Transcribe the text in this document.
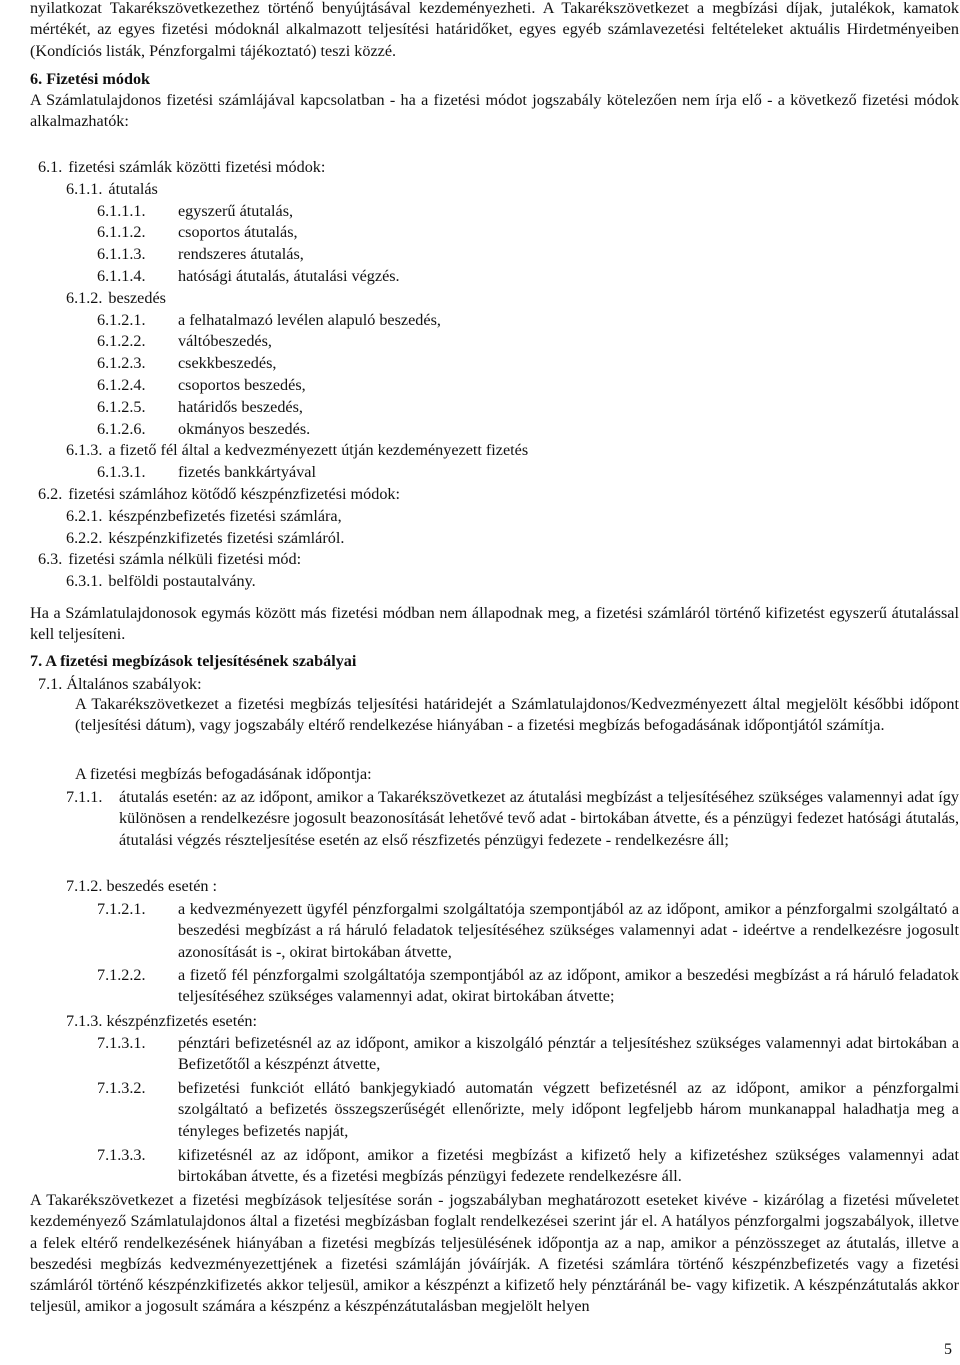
nyilatkozat Takarékszövetkezethez történő benyújtásával kezdeményezheti. A Takarékszövetkezet a megbízási díjak, jutalékok, kamatok mértékét, az egyes fizetési módoknál alkalmazott teljesítési határidőket, egyes egyéb számlavezetési feltételeket aktuális Hirdetményeiben (Kondíciós listák, Pénzforgalmi tájékoztató) teszi közzé.
6. Fizetési módok
A Számlatulajdonos fizetési számlájával kapcsolatban - ha a fizetési módot jogszabály kötelezően nem írja elő - a következő fizetési módok alkalmazhatók:
6.1. fizetési számlák közötti fizetési módok:
6.1.1. átutalás
6.1.1.1. egyszerű átutalás,
6.1.1.2. csoportos átutalás,
6.1.1.3. rendszeres átutalás,
6.1.1.4. hatósági átutalás, átutalási végzés.
6.1.2. beszedés
6.1.2.1. a felhatalmazó levélen alapuló beszedés,
6.1.2.2. váltóbeszedés,
6.1.2.3. csekkbeszedés,
6.1.2.4. csoportos beszedés,
6.1.2.5. határidős beszedés,
6.1.2.6. okmányos beszedés.
6.1.3. a fizető fél által a kedvezményezett útján kezdeményezett fizetés
6.1.3.1. fizetés bankkártyával
6.2. fizetési számlához kötődő készpénzfizetési módok:
6.2.1. készpénzbefizetés fizetési számlára,
6.2.2. készpénzkifizetés fizetési számláról.
6.3. fizetési számla nélküli fizetési mód:
6.3.1. belföldi postautalvány.
Ha a Számlatulajdonosok egymás között más fizetési módban nem állapodnak meg, a fizetési számláról történő kifizetést egyszerű átutalással kell teljesíteni.
7. A fizetési megbízások teljesítésének szabályai
7.1. Általános szabályok:
A Takarékszövetkezet a fizetési megbízás teljesítési határidejét a Számlatulajdonos/Kedvezményezett által megjelölt későbbi időpont (teljesítési dátum), vagy jogszabály eltérő rendelkezése hiányában - a fizetési megbízás befogadásának időpontjától számítja.
A fizetési megbízás befogadásának időpontja:
7.1.1. átutalás esetén: az az időpont, amikor a Takarékszövetkezet az átutalási megbízást a teljesítéséhez szükséges valamennyi adat így különösen a rendelkezésre jogosult beazonosítását lehetővé tevő adat - birtokában átvette, és a pénzügyi fedezet hatósági átutalás, átutalási végzés részteljesítése esetén az első részfizetés pénzügyi fedezete - rendelkezésre áll;
7.1.2. beszedés esetén :
7.1.2.1. a kedvezményezett ügyfél pénzforgalmi szolgáltatója szempontjából az az időpont, amikor a pénzforgalmi szolgáltató a beszedési megbízást a rá háruló feladatok teljesítéséhez szükséges valamennyi adat - ideértve a rendelkezésre jogosult azonosítását is -, okirat birtokában átvette,
7.1.2.2. a fizető fél pénzforgalmi szolgáltatója szempontjából az az időpont, amikor a beszedési megbízást a rá háruló feladatok teljesítéséhez szükséges valamennyi adat, okirat birtokában átvette;
7.1.3. készpénzfizetés esetén:
7.1.3.1. pénztári befizetésnél az az időpont, amikor a kiszolgáló pénztár a teljesítéshez szükséges valamennyi adat birtokában a Befizetőtől a készpénzt átvette,
7.1.3.2. befizetési funkciót ellátó bankjegykiadó automatán végzett befizetésnél az az időpont, amikor a pénzforgalmi szolgáltató a befizetés összegszerűségét ellenőrizte, mely időpont legfeljebb három munkanappal haladhatja meg a tényleges befizetés napját,
7.1.3.3. kifizetésnél az az időpont, amikor a fizetési megbízást a kifizető hely a kifizetéshez szükséges valamennyi adat birtokában átvette, és a fizetési megbízás pénzügyi fedezete rendelkezésre áll.
A Takarékszövetkezet a fizetési megbízások teljesítése során - jogszabályban meghatározott eseteket kivéve - kizárólag a fizetési műveletet kezdeményező Számlatulajdonos által a fizetési megbízásban foglalt rendelkezései szerint jár el. A hatályos pénzforgalmi jogszabályok, illetve a felek eltérő rendelkezésének hiányában a fizetési megbízás teljesülésének időpontja az a nap, amikor a pénzösszeget az átutalás, illetve a beszedési megbízás kedvezményezettjének a fizetési számláján jóváírják. A fizetési számlára történő készpénzbefizetés vagy a fizetési számláról történő készpénzkifizetés akkor teljesül, amikor a készpénzt a kifizető hely pénztáránál be- vagy kifizetik. A készpénzátutalás akkor teljesül, amikor a jogosult számára a készpénz a készpénzátutalásban megjelölt helyen
5
